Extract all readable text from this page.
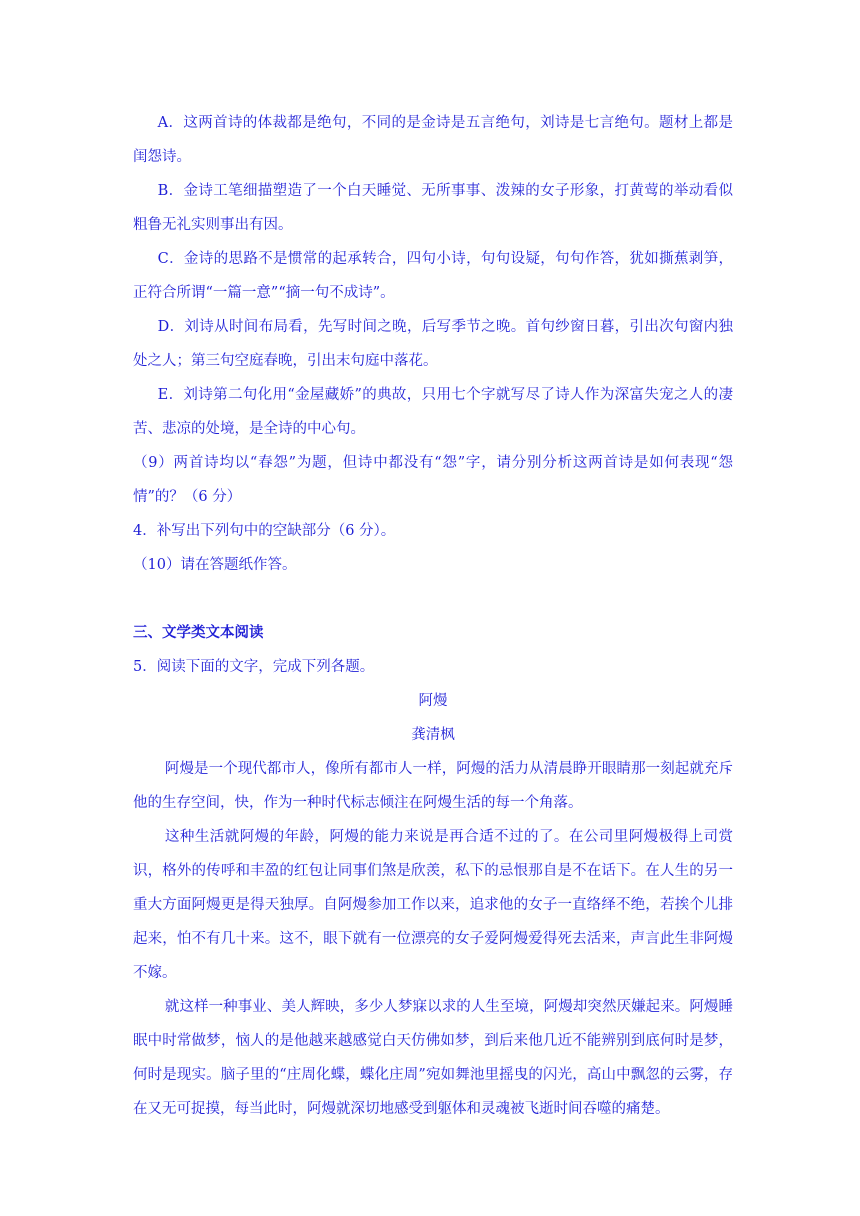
A．这两首诗的体裁都是绝句，不同的是金诗是五言绝句，刘诗是七言绝句。题材上都是闺怨诗。

B．金诗工笔细描塑造了一个白天睡觉、无所事事、泼辣的女子形象，打黄莺的举动看似粗鲁无礼实则事出有因。

C．金诗的思路不是惯常的起承转合，四句小诗，句句设疑，句句作答，犹如撕蕉剥笋，正符合所谓“一篇一意”“摘一句不成诗”。

D．刘诗从时间布局看，先写时间之晚，后写季节之晚。首句纱窗日暮，引出次句窗内独处之人；第三句空庭春晚，引出末句庭中落花。

E．刘诗第二句化用“金屋藏娇”的典故，只用七个字就写尽了诗人作为深富失宠之人的凄苦、悲凉的处境，是全诗的中心句。

（9）两首诗均以“春怨”为题，但诗中都没有“怨”字，请分别分析这两首诗是如何表现“怨情”的？（6 分）

4．补写出下列句中的空缺部分（6 分）。

（10）请在答题纸作答。

三、文学类文本阅读

5．阅读下面的文字，完成下列各题。

阿熳

龚清枫

阿熳是一个现代都市人，像所有都市人一样，阿熳的活力从清晨睁开眼睛那一刻起就充斥他的生存空间，快，作为一种时代标志倾注在阿熳生活的每一个角落。

这种生活就阿熳的年龄，阿熳的能力来说是再合适不过的了。在公司里阿熳极得上司赏识，格外的传呼和丰盈的红包让同事们煞是欣羡，私下的忌恨那自是不在话下。在人生的另一重大方面阿熳更是得天独厚。自阿熳参加工作以来，追求他的女子一直络绎不绝，若挨个儿排起来，怕不有几十来。这不，眼下就有一位漂亮的女子爱阿熳爱得死去活来，声言此生非阿熳不嫁。

就这样一种事业、美人辉映，多少人梦寐以求的人生至境，阿熳却突然厌嫌起来。阿熳睡眠中时常做梦，恼人的是他越来越感觉白天仿佛如梦，到后来他几近不能辨别到底何时是梦，何时是现实。脑子里的“庄周化蝶，蝶化庄周”宛如舞池里摇曳的闪光，高山中飘忽的云雾，存在又无可捉摸，每当此时，阿熳就深切地感受到躯体和灵魂被飞逝时间吞噬的痛楚。
